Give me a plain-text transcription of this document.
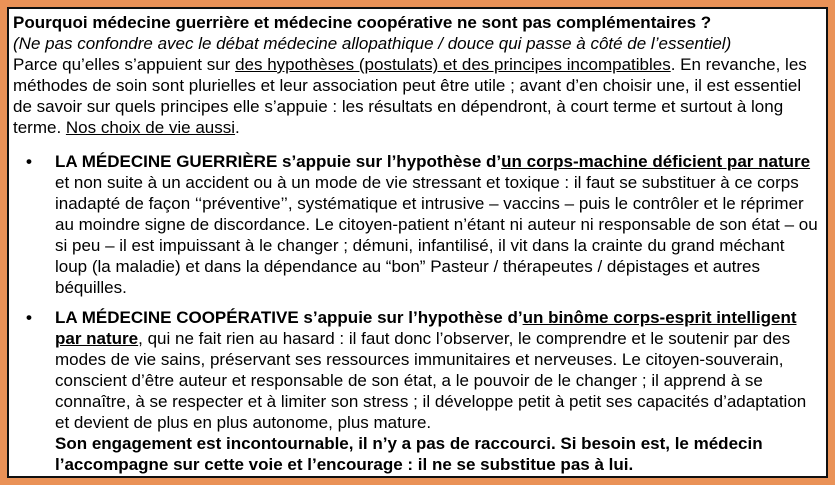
Pourquoi médecine guerrière et médecine coopérative ne sont pas complémentaires ?

(Ne pas confondre avec le débat médecine allopathique / douce qui passe à côté de l’essentiel)

Parce qu’elles s’appuient sur des hypothèses (postulats) et des principes incompatibles. En revanche, les méthodes de soin sont plurielles et leur association peut être utile ; avant d’en choisir une, il est essentiel de savoir sur quels principes elle s’appuie : les résultats en dépendront, à court terme et surtout à long terme. Nos choix de vie aussi.

•	LA MÉDECINE GUERRIÈRE s’appuie sur l’hypothèse d’un corps-machine déficient par nature et non suite à un accident ou à un mode de vie stressant et toxique : il faut se substituer à ce corps inadapté de façon ‘‘préventive’’, systématique et intrusive – vaccins – puis le contrôler et le réprimer au moindre signe de discordance. Le citoyen-patient n’étant ni auteur ni responsable de son état – ou si peu – il est impuissant à le changer ; démuni, infantilisé, il vit dans la crainte du grand méchant loup (la maladie) et dans la dépendance au “bon” Pasteur / thérapeutes / dépistages et autres béquilles.
•	LA MÉDECINE COOPÉRATIVE s’appuie sur l’hypothèse d’un binôme corps-esprit intelligent par nature, qui ne fait rien au hasard : il faut donc l’observer, le comprendre et le soutenir par des modes de vie sains, préservant ses ressources immunitaires et nerveuses. Le citoyen-souverain, conscient d’être auteur et responsable de son état, a le pouvoir de le changer ; il apprend à se connaître, à se respecter et à limiter son stress ; il développe petit à petit ses capacités d’adaptation et devient de plus en plus autonome, plus mature.
Son engagement est incontournable, il n’y a pas de raccourci. Si besoin est, le médecin l’accompagne sur cette voie et l’encourage : il ne se substitue pas à lui.
